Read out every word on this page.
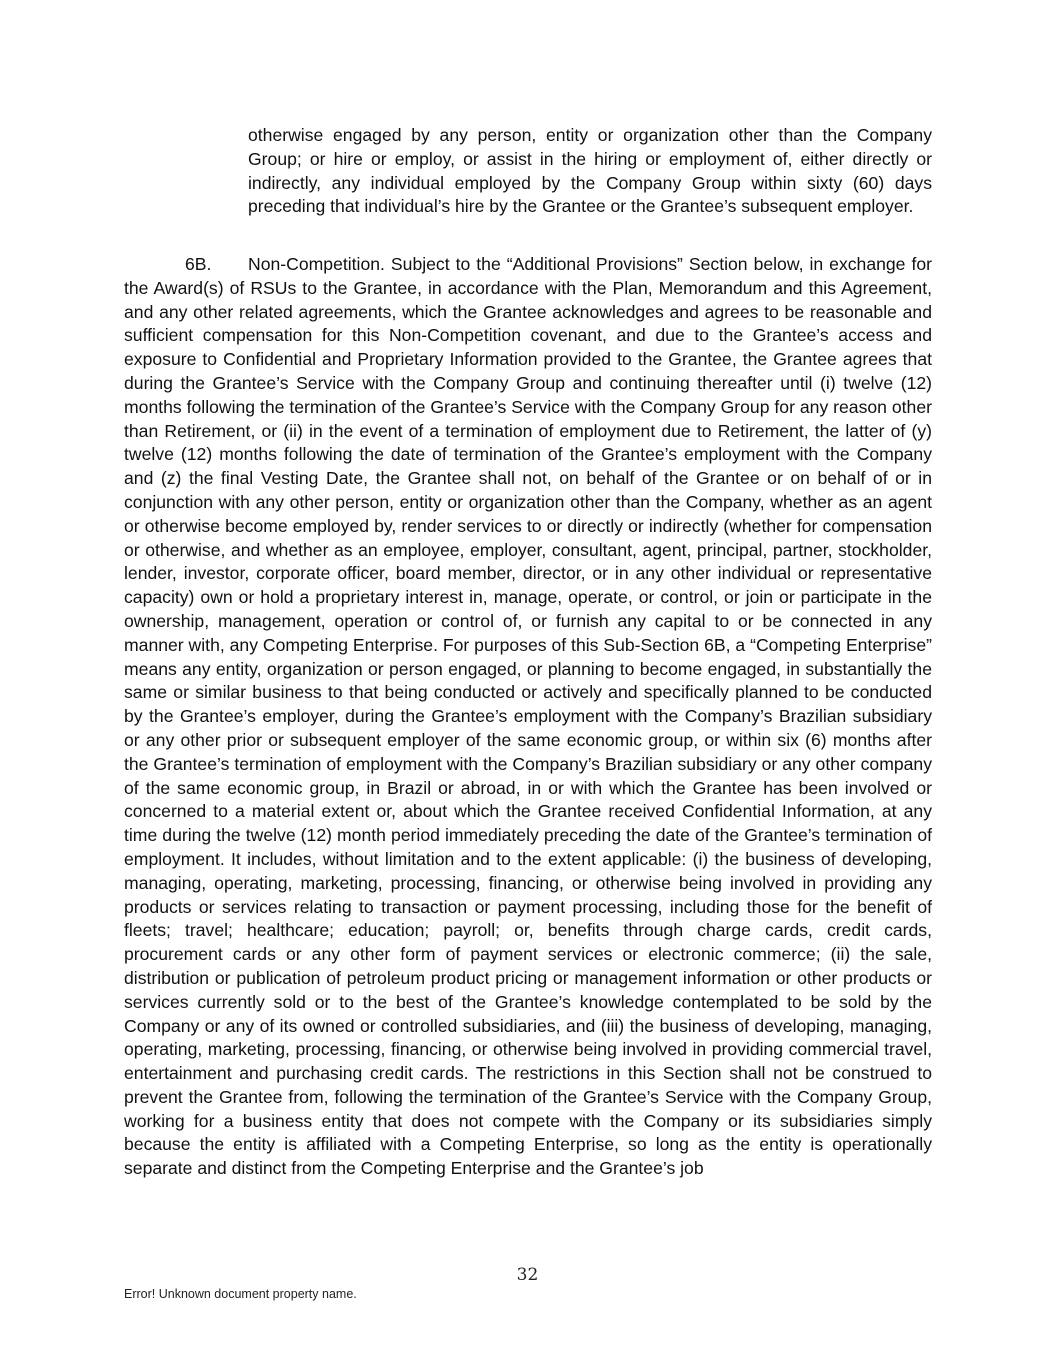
otherwise engaged by any person, entity or organization other than the Company Group; or hire or employ, or assist in the hiring or employment of, either directly or indirectly, any individual employed by the Company Group within sixty (60) days preceding that individual’s hire by the Grantee or the Grantee’s subsequent employer.

6B. Non-Competition. Subject to the “Additional Provisions” Section below, in exchange for the Award(s) of RSUs to the Grantee, in accordance with the Plan, Memorandum and this Agreement, and any other related agreements, which the Grantee acknowledges and agrees to be reasonable and sufficient compensation for this Non-Competition covenant, and due to the Grantee’s access and exposure to Confidential and Proprietary Information provided to the Grantee, the Grantee agrees that during the Grantee’s Service with the Company Group and continuing thereafter until (i) twelve (12) months following the termination of the Grantee’s Service with the Company Group for any reason other than Retirement, or (ii) in the event of a termination of employment due to Retirement, the latter of (y) twelve (12) months following the date of termination of the Grantee’s employment with the Company and (z) the final Vesting Date, the Grantee shall not, on behalf of the Grantee or on behalf of or in conjunction with any other person, entity or organization other than the Company, whether as an agent or otherwise become employed by, render services to or directly or indirectly (whether for compensation or otherwise, and whether as an employee, employer, consultant, agent, principal, partner, stockholder, lender, investor, corporate officer, board member, director, or in any other individual or representative capacity) own or hold a proprietary interest in, manage, operate, or control, or join or participate in the ownership, management, operation or control of, or furnish any capital to or be connected in any manner with, any Competing Enterprise. For purposes of this Sub-Section 6B, a “Competing Enterprise” means any entity, organization or person engaged, or planning to become engaged, in substantially the same or similar business to that being conducted or actively and specifically planned to be conducted by the Grantee’s employer, during the Grantee’s employment with the Company’s Brazilian subsidiary or any other prior or subsequent employer of the same economic group, or within six (6) months after the Grantee’s termination of employment with the Company’s Brazilian subsidiary or any other company of the same economic group, in Brazil or abroad, in or with which the Grantee has been involved or concerned to a material extent or, about which the Grantee received Confidential Information, at any time during the twelve (12) month period immediately preceding the date of the Grantee’s termination of employment. It includes, without limitation and to the extent applicable: (i) the business of developing, managing, operating, marketing, processing, financing, or otherwise being involved in providing any products or services relating to transaction or payment processing, including those for the benefit of fleets; travel; healthcare; education; payroll; or, benefits through charge cards, credit cards, procurement cards or any other form of payment services or electronic commerce; (ii) the sale, distribution or publication of petroleum product pricing or management information or other products or services currently sold or to the best of the Grantee’s knowledge contemplated to be sold by the Company or any of its owned or controlled subsidiaries, and (iii) the business of developing, managing, operating, marketing, processing, financing, or otherwise being involved in providing commercial travel, entertainment and purchasing credit cards. The restrictions in this Section shall not be construed to prevent the Grantee from, following the termination of the Grantee’s Service with the Company Group, working for a business entity that does not compete with the Company or its subsidiaries simply because the entity is affiliated with a Competing Enterprise, so long as the entity is operationally separate and distinct from the Competing Enterprise and the Grantee’s job

32
Error! Unknown document property name.
